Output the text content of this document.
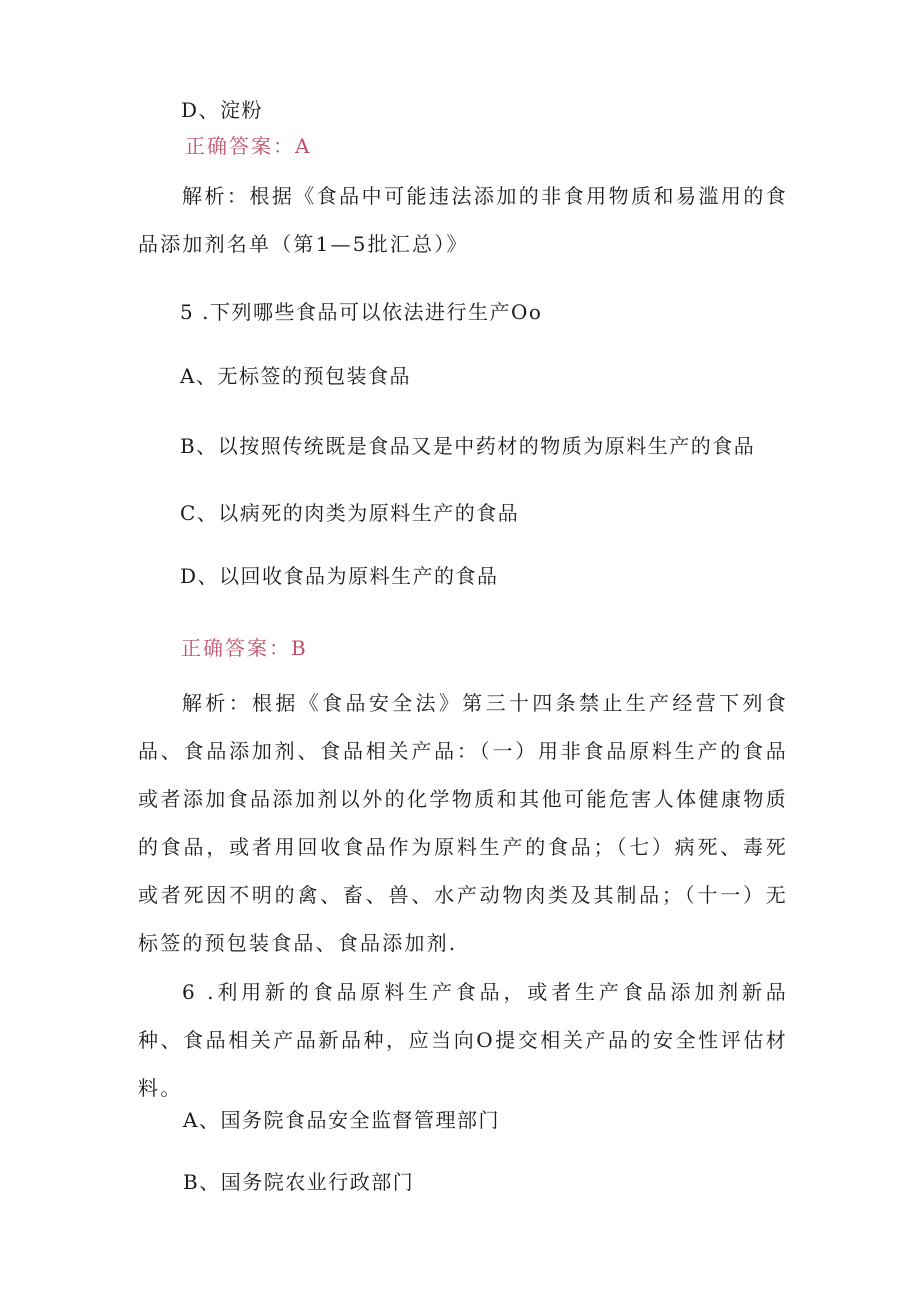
D、淀粉
正确答案：A
解析：根据《食品中可能违法添加的非食用物质和易滥用的食品添加剂名单（第1—5批汇总）》
5 .下列哪些食品可以依法进行生产Oo
A、无标签的预包装食品
B、以按照传统既是食品又是中药材的物质为原料生产的食品
C、以病死的肉类为原料生产的食品
D、以回收食品为原料生产的食品
正确答案：B
解析：根据《食品安全法》第三十四条禁止生产经营下列食品、食品添加剂、食品相关产品：（一）用非食品原料生产的食品或者添加食品添加剂以外的化学物质和其他可能危害人体健康物质的食品，或者用回收食品作为原料生产的食品；（七）病死、毒死或者死因不明的禽、畜、兽、水产动物肉类及其制品；（十一）无标签的预包装食品、食品添加剂.
6 .利用新的食品原料生产食品，或者生产食品添加剂新品种、食品相关产品新品种，应当向O提交相关产品的安全性评估材料。
A、国务院食品安全监督管理部门
B、国务院农业行政部门
